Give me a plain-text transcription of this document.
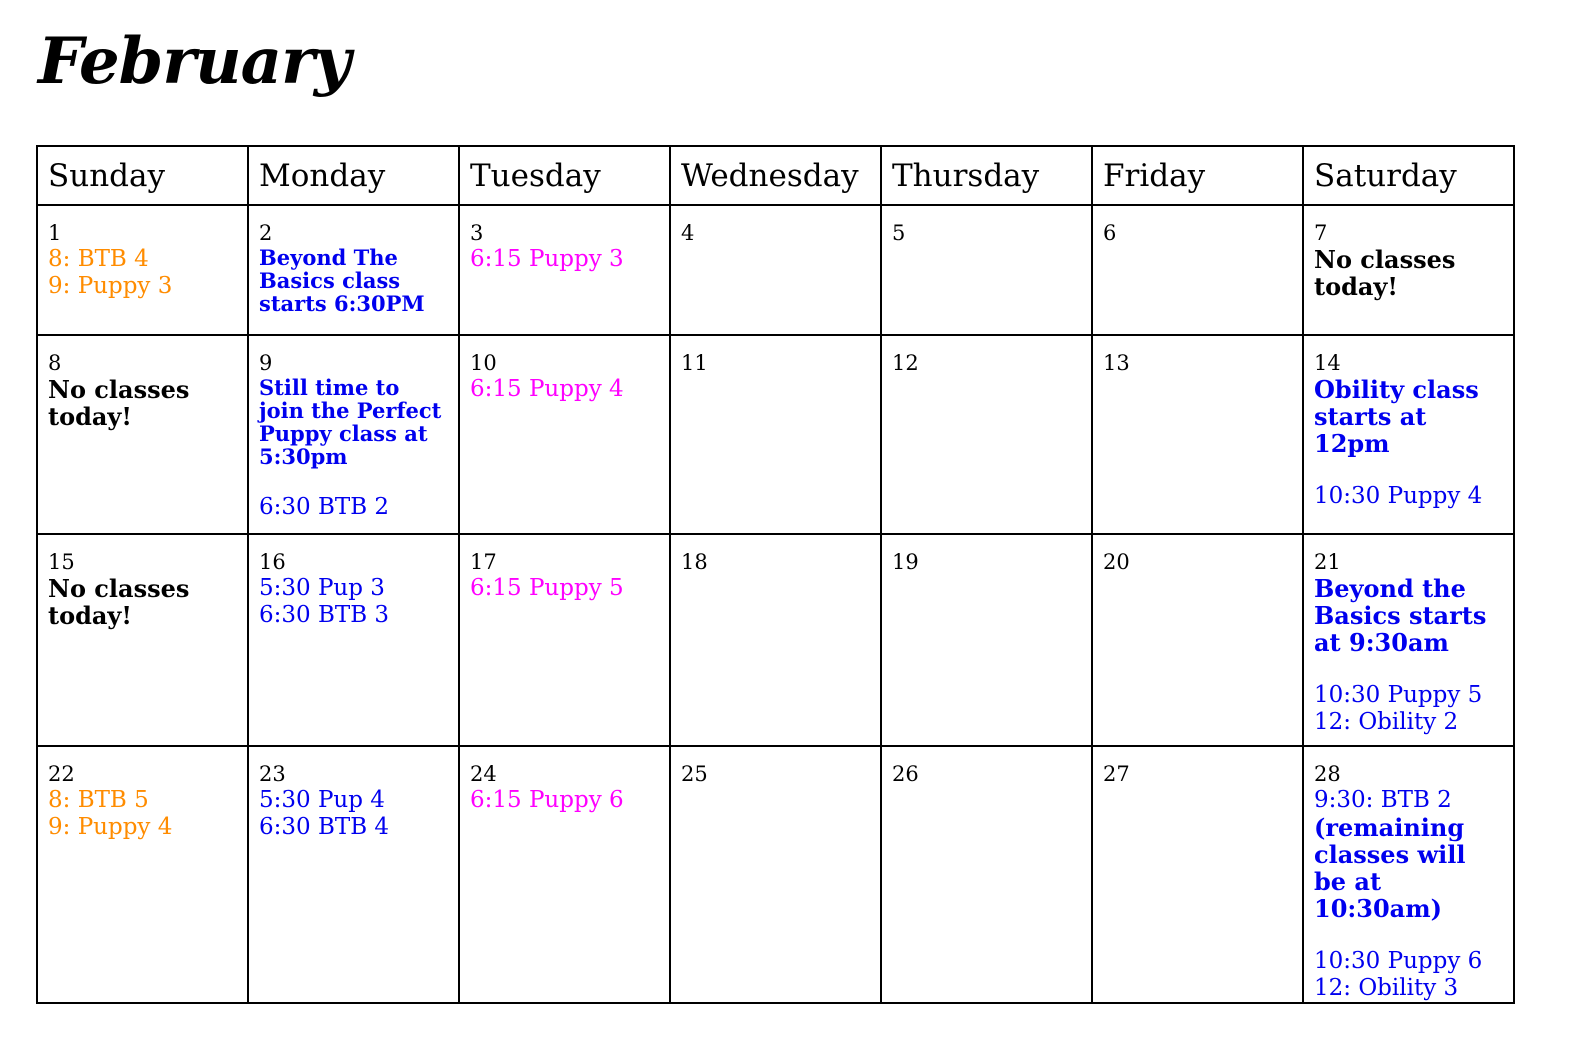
February
Sunday	Monday	Tuesday	Wednesday	Thursday	Friday	Saturday

1
8: BTB 4
9: Puppy 3	2
Beyond The Basics class starts 6:30PM	3
6:15 Puppy 3	4	5	6	7
No classes today!

8
No classes today!	9
Still time to join the Perfect Puppy class at 5:30pm
6:30 BTB 2	10
6:15 Puppy 4	11	12	13	14
Obility class starts at 12pm
10:30 Puppy 4

15
No classes today!	16
5:30 Pup 3
6:30 BTB 3	17
6:15 Puppy 5	18	19	20	21
Beyond the Basics starts at 9:30am
10:30 Puppy 5
12: Obility 2

22
8: BTB 5
9: Puppy 4	23
5:30 Pup 4
6:30 BTB 4	24
6:15 Puppy 6	25	26	27	28
9:30: BTB 2
(remaining classes will be at 10:30am)
10:30 Puppy 6
12: Obility 3
